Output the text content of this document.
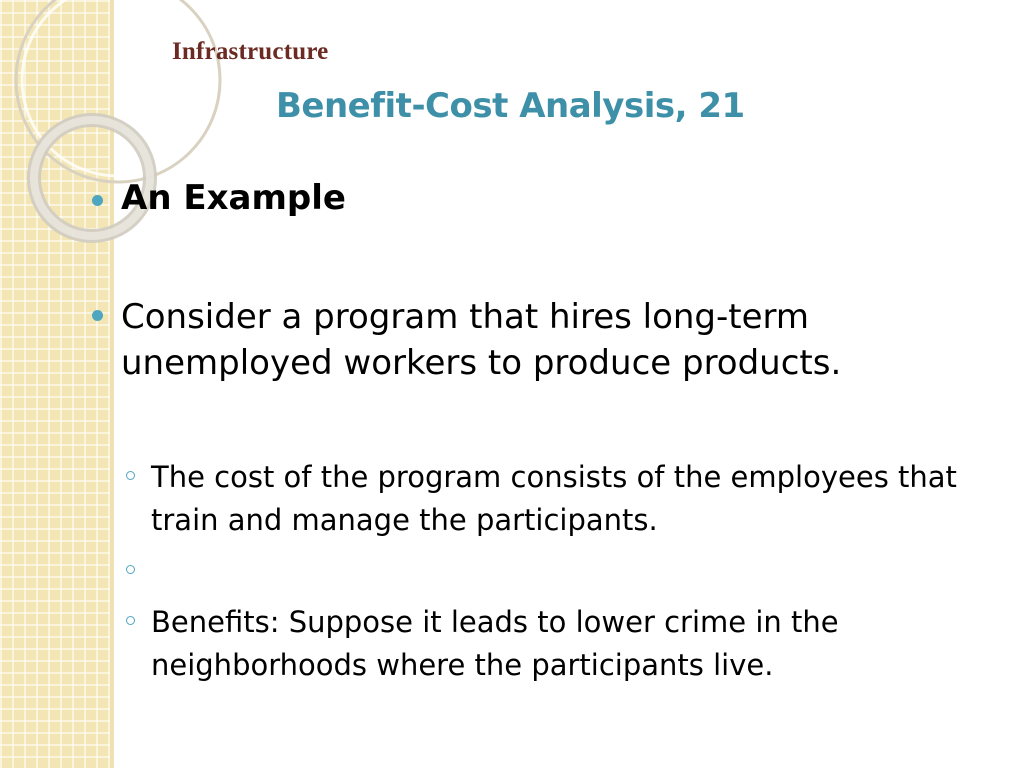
Infrastructure
Benefit-Cost Analysis, 21

An Example

Consider a program that hires long-term unemployed workers to produce products.

The cost of the program consists of the employees that train and manage the participants.

Benefits: Suppose it leads to lower crime in the neighborhoods where the participants live.
